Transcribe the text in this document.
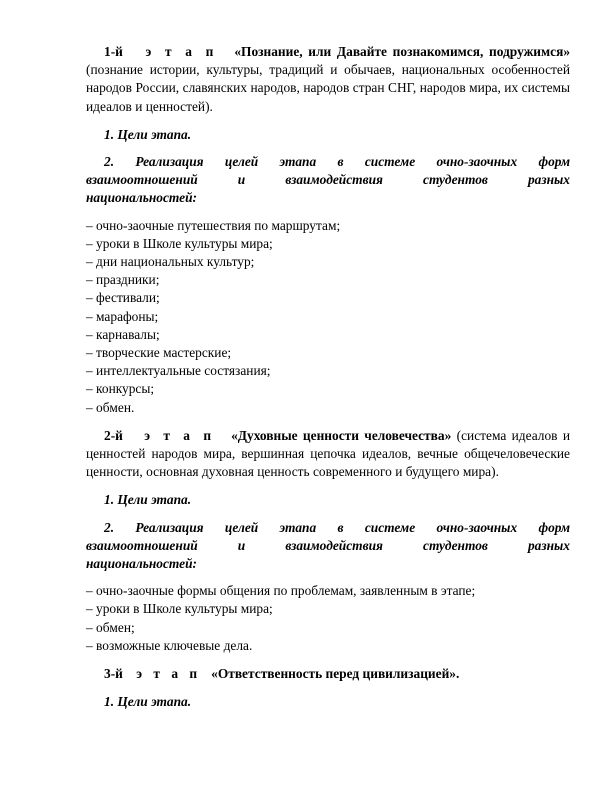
1-й э т а п «Познание, или Давайте познакомимся, подружимся» (познание истории, культуры, традиций и обычаев, национальных особенностей народов России, славянских народов, народов стран СНГ, народов мира, их системы идеалов и ценностей).

1. Цели этапа.

2. Реализация целей этапа в системе очно-заочных форм

взаимоотношений и взаимодействия студентов разных

национальностей:

– очно-заочные путешествия по маршрутам;
– уроки в Школе культуры мира;
– дни национальных культур;
– праздники;
– фестивали;
– марафоны;
– карнавалы;
– творческие мастерские;
– интеллектуальные состязания;
– конкурсы;
– обмен.

2-й э т а п «Духовные ценности человечества» (система идеалов и ценностей народов мира, вершинная цепочка идеалов, вечные общечеловеческие ценности, основная духовная ценность современного и будущего мира).

1. Цели этапа.

2. Реализация целей этапа в системе очно-заочных форм

взаимоотношений и взаимодействия студентов разных

национальностей:

– очно-заочные формы общения по проблемам, заявленным в этапе;
– уроки в Школе культуры мира;
– обмен;
– возможные ключевые дела.

3-й э т а п «Ответственность перед цивилизацией».

1. Цели этапа.
